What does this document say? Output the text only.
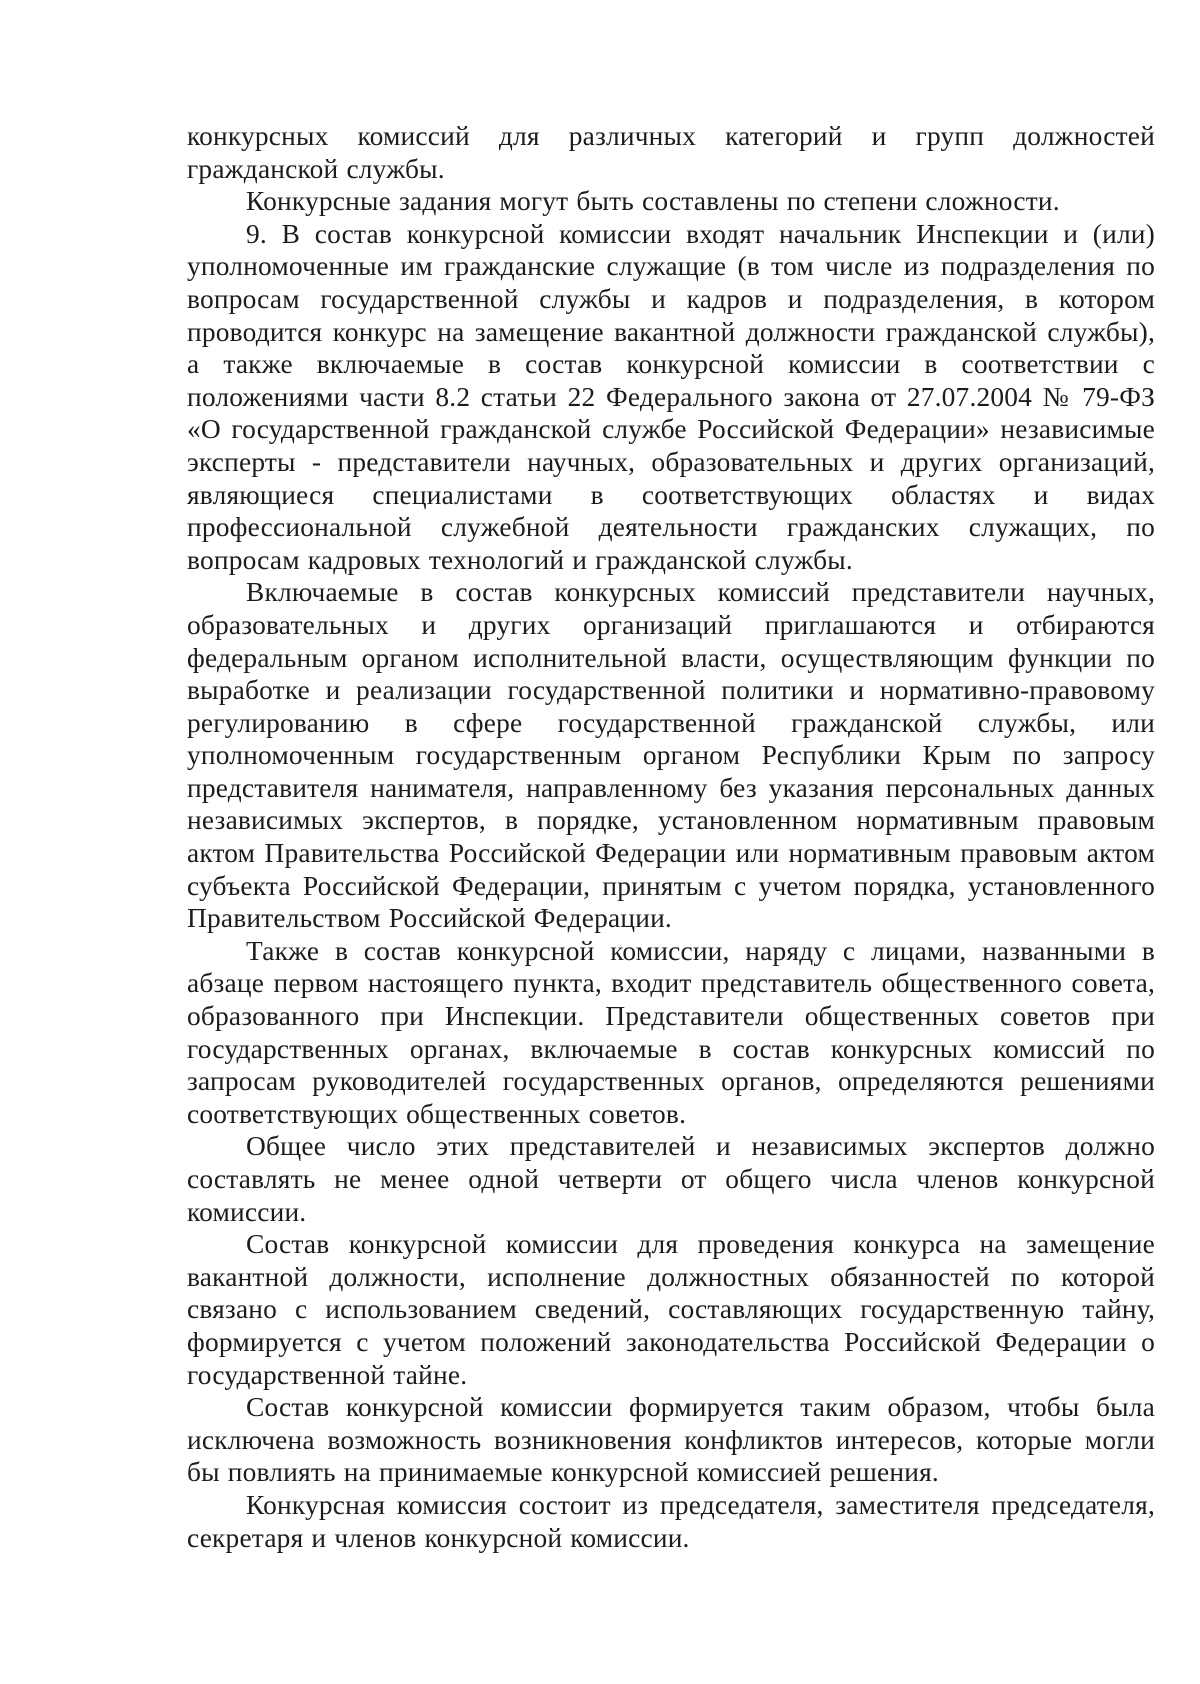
конкурсных комиссий для различных категорий и групп должностей гражданской службы.

Конкурсные задания могут быть составлены по степени сложности.

9. В состав конкурсной комиссии входят начальник Инспекции и (или) уполномоченные им гражданские служащие (в том числе из подразделения по вопросам государственной службы и кадров и подразделения, в котором проводится конкурс на замещение вакантной должности гражданской службы), а также включаемые в состав конкурсной комиссии в соответствии с положениями части 8.2 статьи 22 Федерального закона от 27.07.2004 № 79-ФЗ «О государственной гражданской службе Российской Федерации» независимые эксперты - представители научных, образовательных и других организаций, являющиеся специалистами в соответствующих областях и видах профессиональной служебной деятельности гражданских служащих, по вопросам кадровых технологий и гражданской службы.

Включаемые в состав конкурсных комиссий представители научных, образовательных и других организаций приглашаются и отбираются федеральным органом исполнительной власти, осуществляющим функции по выработке и реализации государственной политики и нормативно-правовому регулированию в сфере государственной гражданской службы, или уполномоченным государственным органом Республики Крым по запросу представителя нанимателя, направленному без указания персональных данных независимых экспертов, в порядке, установленном нормативным правовым актом Правительства Российской Федерации или нормативным правовым актом субъекта Российской Федерации, принятым с учетом порядка, установленного Правительством Российской Федерации.

Также в состав конкурсной комиссии, наряду с лицами, названными в абзаце первом настоящего пункта, входит представитель общественного совета, образованного при Инспекции. Представители общественных советов при государственных органах, включаемые в состав конкурсных комиссий по запросам руководителей государственных органов, определяются решениями соответствующих общественных советов.

Общее число этих представителей и независимых экспертов должно составлять не менее одной четверти от общего числа членов конкурсной комиссии.

Состав конкурсной комиссии для проведения конкурса на замещение вакантной должности, исполнение должностных обязанностей по которой связано с использованием сведений, составляющих государственную тайну, формируется с учетом положений законодательства Российской Федерации о государственной тайне.

Состав конкурсной комиссии формируется таким образом, чтобы была исключена возможность возникновения конфликтов интересов, которые могли бы повлиять на принимаемые конкурсной комиссией решения.

Конкурсная комиссия состоит из председателя, заместителя председателя, секретаря и членов конкурсной комиссии.
